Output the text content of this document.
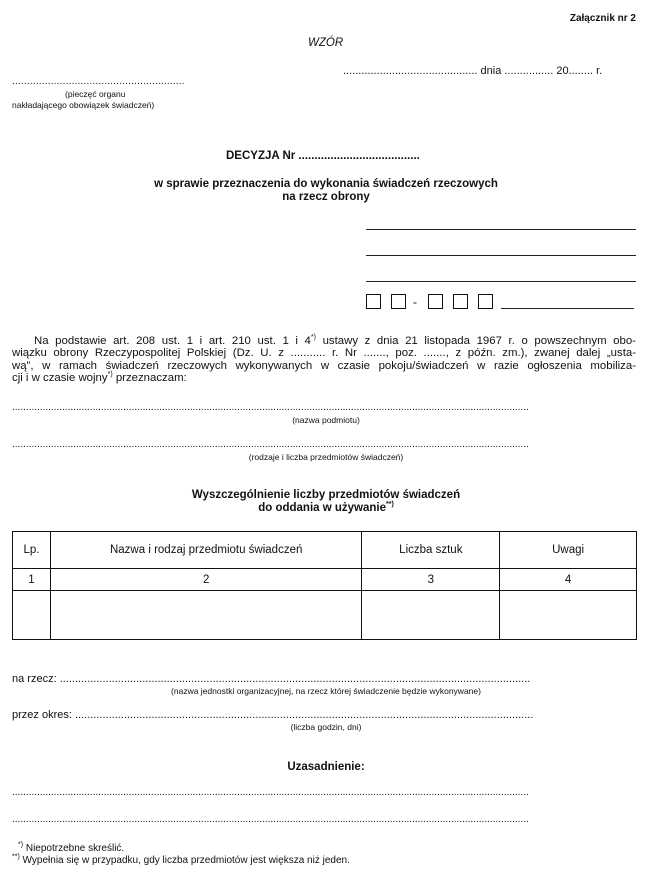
Załącznik nr 2
WZÓR
............................................ dnia ................ 20........ r.
..........................................................
(pieczęć organu
nakładającego obowiązek świadczeń)
DECYZJA Nr ......................................
w sprawie przeznaczenia do wykonania świadczeń rzeczowych
na rzecz obrony
-
Na podstawie art. 208 ust. 1 i art. 210 ust. 1 i 4*) ustawy z dnia 21 listopada 1967 r. o powszechnym obo-
wiązku obrony Rzeczypospolitej Polskiej (Dz. U. z ........... r. Nr ......., poz. ......., z późn. zm.), zwanej dalej „usta-
wą”, w ramach świadczeń rzeczowych wykonywanych w czasie pokoju/świadczeń w razie ogłoszenia mobiliza-
cji i w czasie wojny*) przeznaczam:
..........................................................................................................................................................................................
(nazwa podmiotu)
..........................................................................................................................................................................................
(rodzaje i liczba przedmiotów świadczeń)
Wyszczególnienie liczby przedmiotów świadczeń
do oddania w używanie**)
Lp.	Nazwa i rodzaj przedmiotu świadczeń	Liczba sztuk	Uwagi
1	2	3	4

na rzecz: ..........................................................................................................................................................
(nazwa jednostki organizacyjnej, na rzecz której świadczenie będzie wykonywane)
przez okres: ......................................................................................................................................................
(liczba godzin, dni)
Uzasadnienie:
..........................................................................................................................................................................................
..........................................................................................................................................................................................
*) Niepotrzebne skreślić.
**) Wypełnia się w przypadku, gdy liczba przedmiotów jest większa niż jeden.
